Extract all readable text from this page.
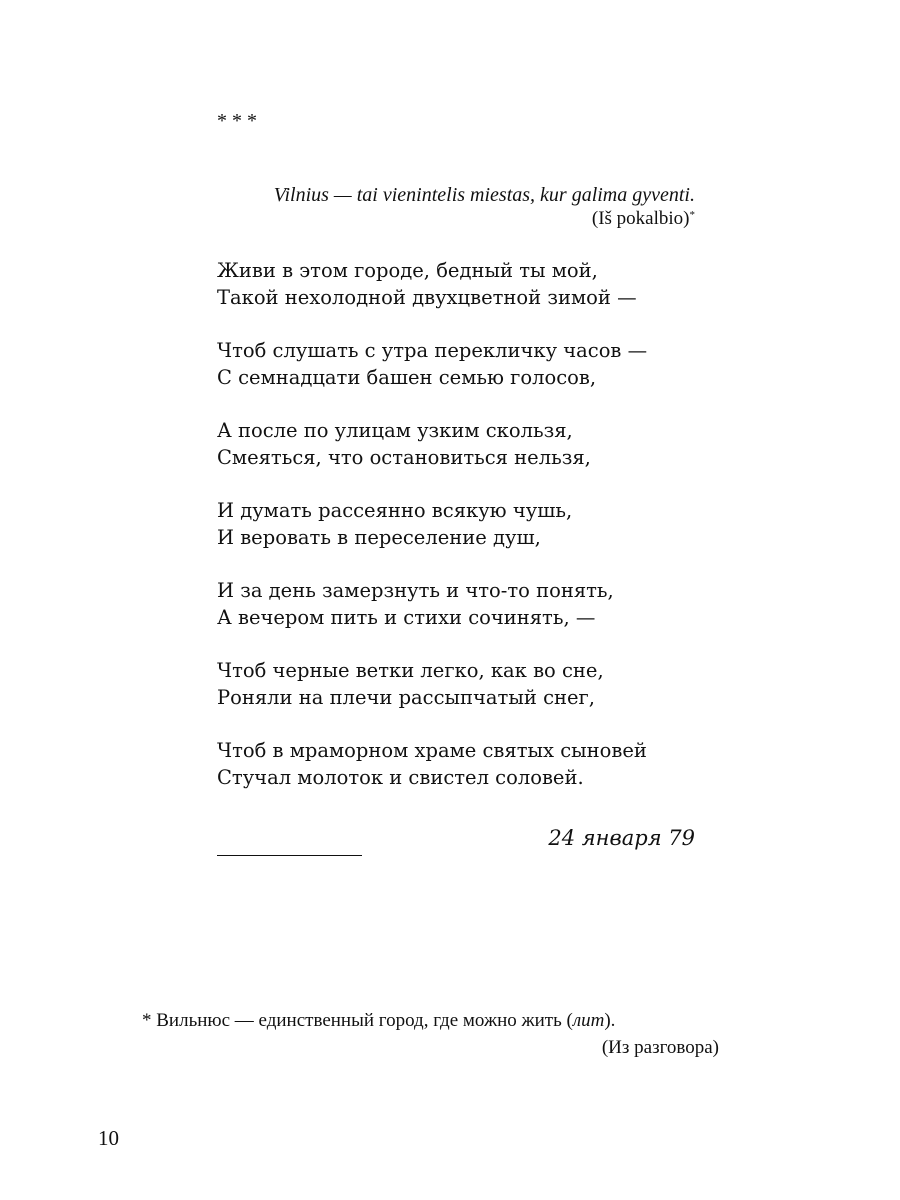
* * *
Vilnius — tai vienintelis miestas, kur galima gyventi.
(Iš pokalbio)*
Живи в этом городе, бедный ты мой,
Такой нехолодной двухцветной зимой —
Чтоб слушать с утра перекличку часов —
С семнадцати башен семью голосов,
А после по улицам узким скользя,
Смеяться, что остановиться нельзя,
И думать рассеянно всякую чушь,
И веровать в переселение душ,
И за день замерзнуть и что-то понять,
А вечером пить и стихи сочинять, —
Чтоб черные ветки легко, как во сне,
Роняли на плечи рассыпчатый снег,
Чтоб в мраморном храме святых сыновей
Стучал молоток и свистел соловей.
24 января 79
* Вильнюс — единственный город, где можно жить (лит).
(Из разговора)
10
